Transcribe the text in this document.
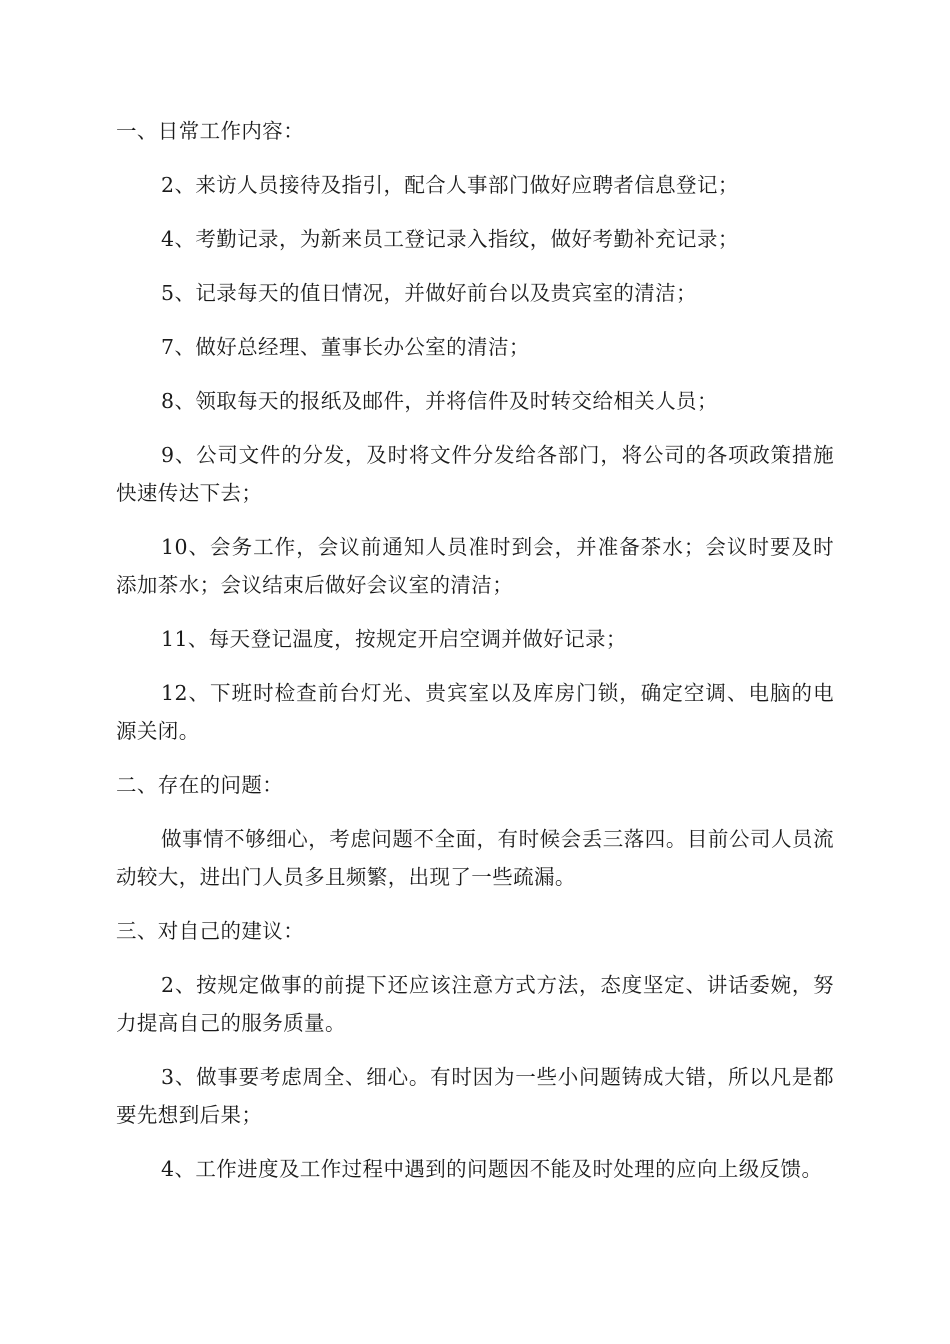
一、日常工作内容：

2、来访人员接待及指引，配合人事部门做好应聘者信息登记；

4、考勤记录，为新来员工登记录入指纹，做好考勤补充记录；

5、记录每天的值日情况，并做好前台以及贵宾室的清洁；

7、做好总经理、董事长办公室的清洁；

8、领取每天的报纸及邮件，并将信件及时转交给相关人员；

9、公司文件的分发，及时将文件分发给各部门，将公司的各项政策措施快速传达下去；

10、会务工作，会议前通知人员准时到会，并准备茶水；会议时要及时添加茶水；会议结束后做好会议室的清洁；

11、每天登记温度，按规定开启空调并做好记录；

12、下班时检查前台灯光、贵宾室以及库房门锁，确定空调、电脑的电源关闭。

二、存在的问题：

做事情不够细心，考虑问题不全面，有时候会丢三落四。目前公司人员流动较大，进出门人员多且频繁，出现了一些疏漏。

三、对自己的建议：

2、按规定做事的前提下还应该注意方式方法，态度坚定、讲话委婉，努力提高自己的服务质量。

3、做事要考虑周全、细心。有时因为一些小问题铸成大错，所以凡是都要先想到后果；

4、工作进度及工作过程中遇到的问题因不能及时处理的应向上级反馈。
